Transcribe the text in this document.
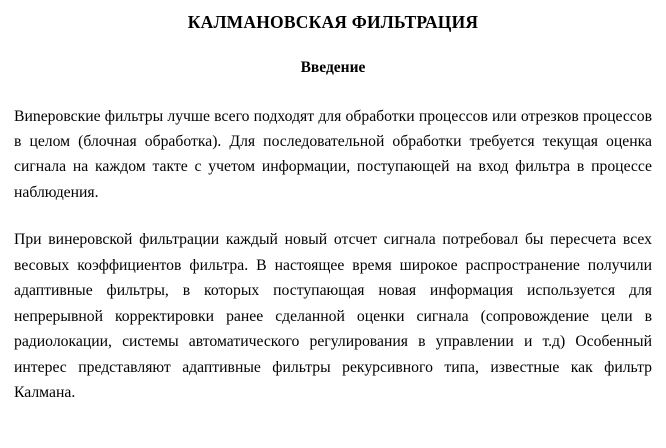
КАЛМАНОВСКАЯ ФИЛЬТРАЦИЯ
Введение

Виneровские фильтры лучше всего подходят для обработки процессов или отрезков процессов в целом (блочная обработка). Для последовательной обработки требуется текущая оценка сигнала на каждом такте с учетом информации, поступающей на вход фильтра в процессе наблюдения.

При винеровской фильтрации каждый новый отсчет сигнала потребовал бы пересчета всех весовых коэффициентов фильтра. В настоящее время широкое распространение получили адаптивные фильтры, в которых поступающая новая информация используется для непрерывной корректировки ранее сделанной оценки сигнала (сопровождение цели в радиолокации, системы автоматического регулирования в управлении и т.д) Особенный интерес представляют адаптивные фильтры рекурсивного типа, известные как фильтр Калмана.
